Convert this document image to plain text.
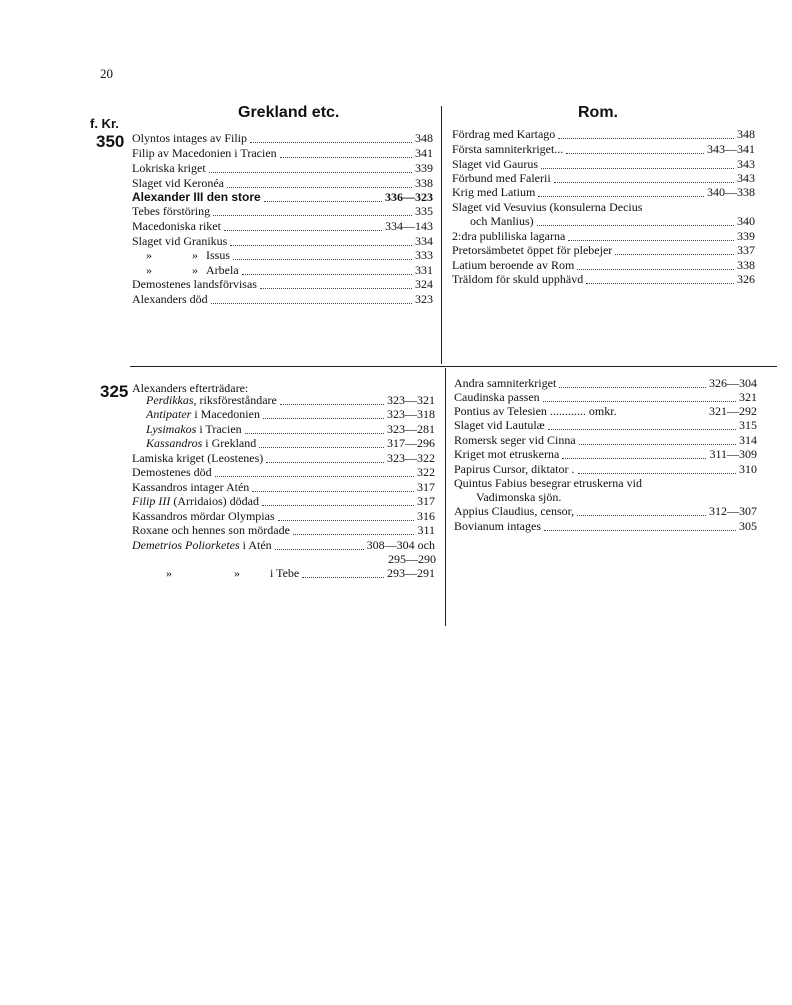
20
f. Kr.
Grekland etc.	Rom.
350
325
Olyntos intages av Filip	348
Filip av Macedonien i Tracien	341
Lokriska kriget	339
Slaget vid Keronéa	338
Alexander III den store	336—323
Tebes förstöring	335
Macedoniska riket	334—143
Slaget vid Granikus	334
»	» Issus	333
»	» Arbela	331
Demostenes landsförvisas	324
Alexanders död	323
Fördrag med Kartago	348
Första samniterkriget...	343—341
Slaget vid Gaurus	343
Förbund med Falerii	343
Krig med Latium	340—338
Slaget vid Vesuvius (konsulerna Decius
och Manlius)	340
2:dra publiliska lagarna	339
Pretorsämbetet öppet för plebejer	337
Latium beroende av Rom	338
Träldom för skuld upphävd	326
Alexanders efterträdare:
Perdikkas, riksföreståndare	323—321
Antipater i Macedonien	323—318
Lysimakos i Tracien	323—281
Kassandros i Grekland	317—296
Lamiska kriget (Leostenes)	323—322
Demostenes död	322
Kassandros intager Atén	317
Filip III (Arridaios) dödad	317
Kassandros mördar Olympias	316
Roxane och hennes son mördade	311
Demetrios Poliorketes i Atén	308—304 och
295—290
»	»	i Tebe	293—291
Andra samniterkriget	326—304
Caudinska passen	321
Pontius av Telesien ............ omkr.	321—292
Slaget vid Lautulæ	315
Romersk seger vid Cinna	314
Kriget mot etruskerna	311—309
Papirus Cursor, diktator .	310
Quintus Fabius besegrar etruskerna vid
Vadimonska sjön.
Appius Claudius, censor,	312—307
Bovianum intages	305
